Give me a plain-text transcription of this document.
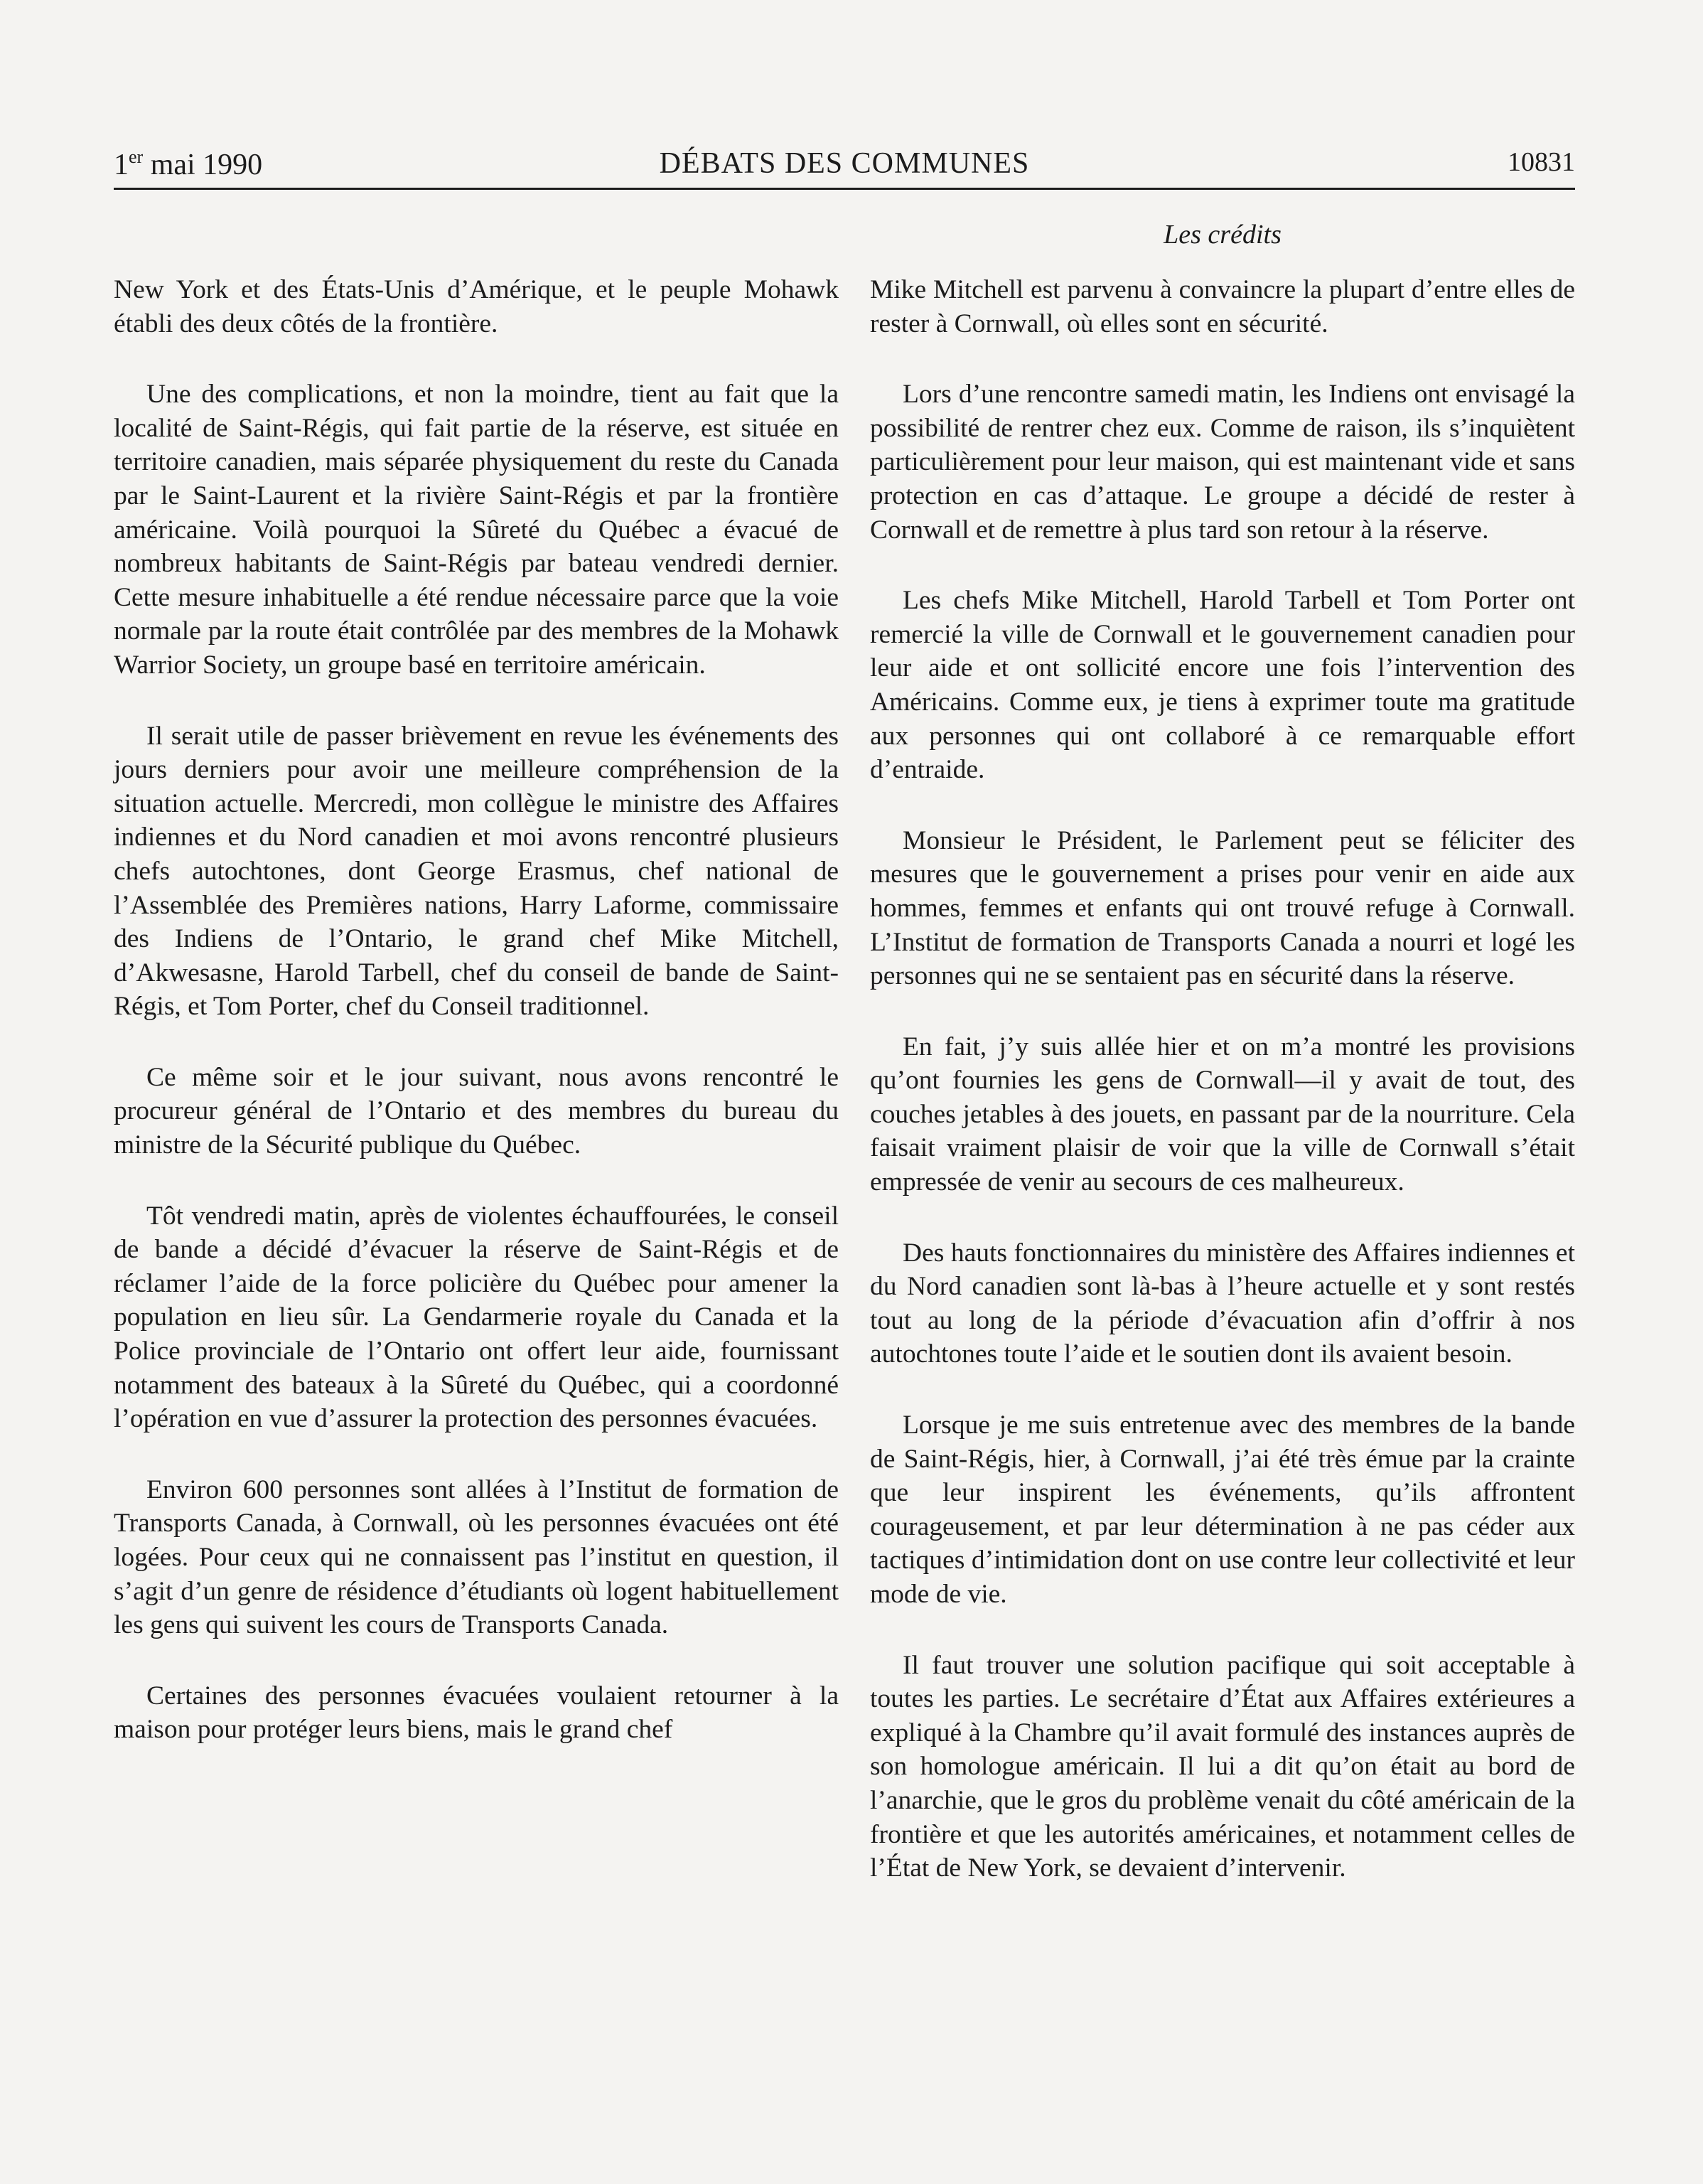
1er mai 1990	DÉBATS DES COMMUNES	10831
Les crédits

New York et des États-Unis d’Amérique, et le peuple Mohawk établi des deux côtés de la frontière.

Une des complications, et non la moindre, tient au fait que la localité de Saint-Régis, qui fait partie de la réserve, est située en territoire canadien, mais séparée physiquement du reste du Canada par le Saint-Laurent et la rivière Saint-Régis et par la frontière américaine. Voilà pourquoi la Sûreté du Québec a évacué de nombreux habitants de Saint-Régis par bateau vendredi dernier. Cette mesure inhabituelle a été rendue nécessaire parce que la voie normale par la route était contrôlée par des membres de la Mohawk Warrior Society, un groupe basé en territoire américain.

Il serait utile de passer brièvement en revue les événements des jours derniers pour avoir une meilleure compréhension de la situation actuelle. Mercredi, mon collègue le ministre des Affaires indiennes et du Nord canadien et moi avons rencontré plusieurs chefs autochtones, dont George Erasmus, chef national de l’Assemblée des Premières nations, Harry Laforme, commissaire des Indiens de l’Ontario, le grand chef Mike Mitchell, d’Akwesasne, Harold Tarbell, chef du conseil de bande de Saint-Régis, et Tom Porter, chef du Conseil traditionnel.

Ce même soir et le jour suivant, nous avons rencontré le procureur général de l’Ontario et des membres du bureau du ministre de la Sécurité publique du Québec.

Tôt vendredi matin, après de violentes échauffourées, le conseil de bande a décidé d’évacuer la réserve de Saint-Régis et de réclamer l’aide de la force policière du Québec pour amener la population en lieu sûr. La Gendarmerie royale du Canada et la Police provinciale de l’Ontario ont offert leur aide, fournissant notamment des bateaux à la Sûreté du Québec, qui a coordonné l’opération en vue d’assurer la protection des personnes évacuées.

Environ 600 personnes sont allées à l’Institut de formation de Transports Canada, à Cornwall, où les personnes évacuées ont été logées. Pour ceux qui ne connaissent pas l’institut en question, il s’agit d’un genre de résidence d’étudiants où logent habituellement les gens qui suivent les cours de Transports Canada.

Certaines des personnes évacuées voulaient retourner à la maison pour protéger leurs biens, mais le grand chef

Mike Mitchell est parvenu à convaincre la plupart d’entre elles de rester à Cornwall, où elles sont en sécurité.

Lors d’une rencontre samedi matin, les Indiens ont envisagé la possibilité de rentrer chez eux. Comme de raison, ils s’inquiètent particulièrement pour leur maison, qui est maintenant vide et sans protection en cas d’attaque. Le groupe a décidé de rester à Cornwall et de remettre à plus tard son retour à la réserve.

Les chefs Mike Mitchell, Harold Tarbell et Tom Porter ont remercié la ville de Cornwall et le gouvernement canadien pour leur aide et ont sollicité encore une fois l’intervention des Américains. Comme eux, je tiens à exprimer toute ma gratitude aux personnes qui ont collaboré à ce remarquable effort d’entraide.

Monsieur le Président, le Parlement peut se féliciter des mesures que le gouvernement a prises pour venir en aide aux hommes, femmes et enfants qui ont trouvé refuge à Cornwall. L’Institut de formation de Transports Canada a nourri et logé les personnes qui ne se sentaient pas en sécurité dans la réserve.

En fait, j’y suis allée hier et on m’a montré les provisions qu’ont fournies les gens de Cornwall—il y avait de tout, des couches jetables à des jouets, en passant par de la nourriture. Cela faisait vraiment plaisir de voir que la ville de Cornwall s’était empressée de venir au secours de ces malheureux.

Des hauts fonctionnaires du ministère des Affaires indiennes et du Nord canadien sont là-bas à l’heure actuelle et y sont restés tout au long de la période d’évacuation afin d’offrir à nos autochtones toute l’aide et le soutien dont ils avaient besoin.

Lorsque je me suis entretenue avec des membres de la bande de Saint-Régis, hier, à Cornwall, j’ai été très émue par la crainte que leur inspirent les événements, qu’ils affrontent courageusement, et par leur détermination à ne pas céder aux tactiques d’intimidation dont on use contre leur collectivité et leur mode de vie.

Il faut trouver une solution pacifique qui soit acceptable à toutes les parties. Le secrétaire d’État aux Affaires extérieures a expliqué à la Chambre qu’il avait formulé des instances auprès de son homologue américain. Il lui a dit qu’on était au bord de l’anarchie, que le gros du problème venait du côté américain de la frontière et que les autorités américaines, et notamment celles de l’État de New York, se devaient d’intervenir.
